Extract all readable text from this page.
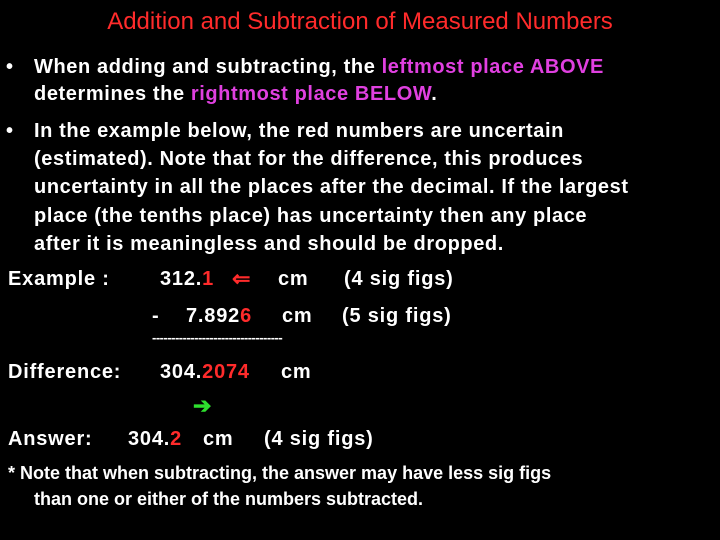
Addition and Subtraction of Measured Numbers
• When adding and subtracting, the leftmost place ABOVE
determines the rightmost place BELOW.
• In the example below, the red numbers are uncertain
(estimated). Note that for the difference, this produces
uncertainty in all the places after the decimal. If the largest
place (the tenths place) has uncertainty then any place
after it is meaningless and should be dropped.
Example :	312.1 ⇐ cm (4 sig figs)
- 7.8926 cm (5 sig figs)
----------------------------------
Difference: 304.2074 cm
➔
Answer: 304.2 cm (4 sig figs)
* Note that when subtracting, the answer may have less sig figs
than one or either of the numbers subtracted.
